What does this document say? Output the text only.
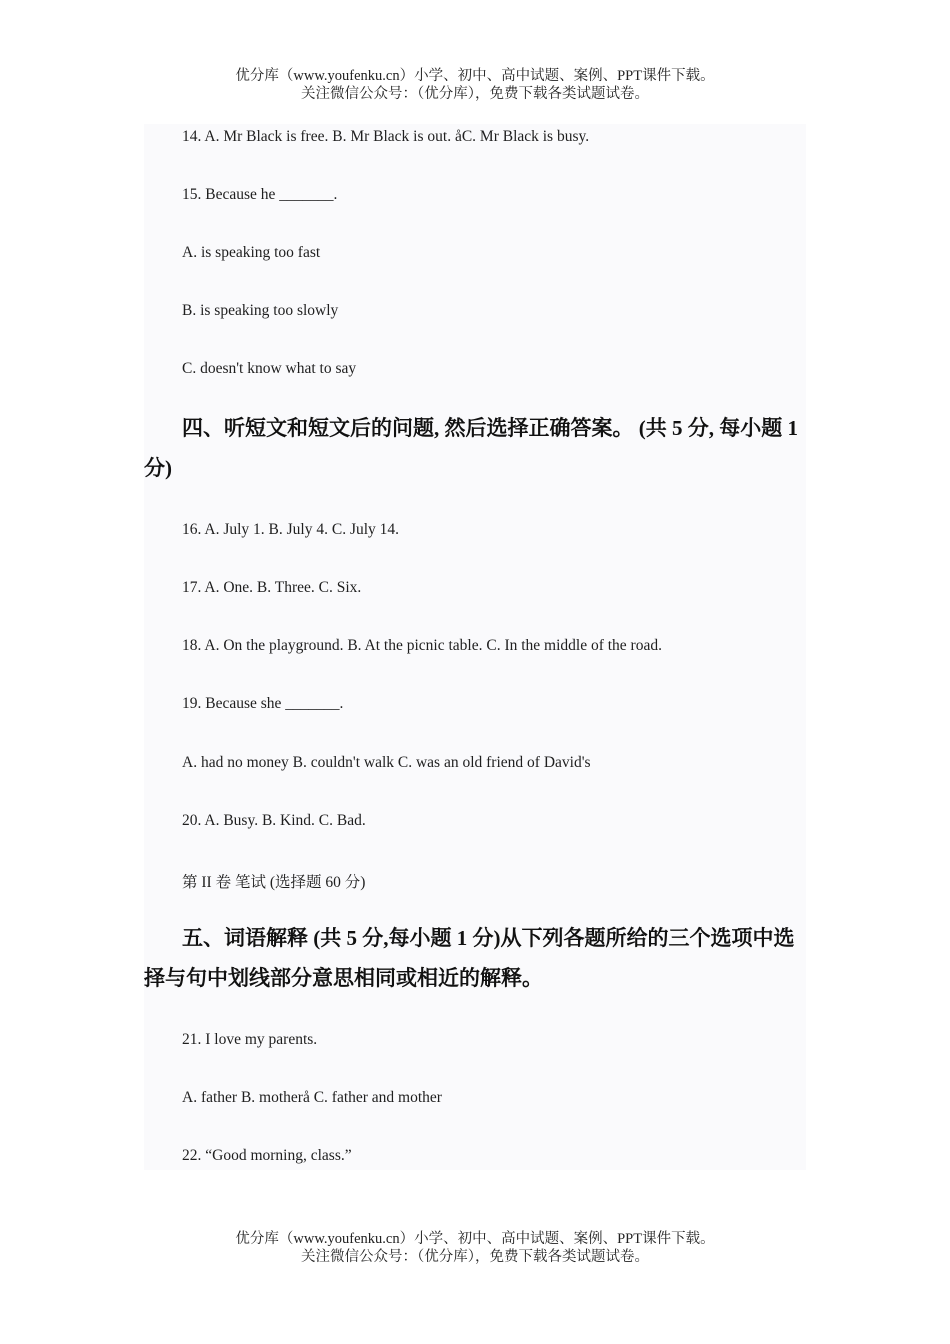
优分库（www.youfenku.cn）小学、初中、高中试题、案例、PPT课件下载。
关注微信公众号：（优分库），免费下载各类试题试卷。
14. A. Mr Black is free. B. Mr Black is out. åC. Mr Black is busy.
15. Because he _______.
A. is speaking too fast
B. is speaking too slowly
C. doesn't know what to say
四、听短文和短文后的问题, 然后选择正确答案。 (共 5 分, 每小题 1 分)
16. A. July 1. B. July 4. C. July 14.
17. A. One. B. Three. C. Six.
18. A. On the playground. B. At the picnic table. C. In the middle of the road.
19. Because she _______.
A. had no money B. couldn't walk C. was an old friend of David's
20. A. Busy. B. Kind. C. Bad.
第 II 卷 笔试 (选择题 60 分)
五、词语解释 (共 5 分,每小题 1 分)从下列各题所给的三个选项中选择与句中划线部分意思相同或相近的解释。
21. I love my parents.
A. father B. motherå C. father and mother
22. “Good morning, class.”
优分库（www.youfenku.cn）小学、初中、高中试题、案例、PPT课件下载。
关注微信公众号：（优分库），免费下载各类试题试卷。
